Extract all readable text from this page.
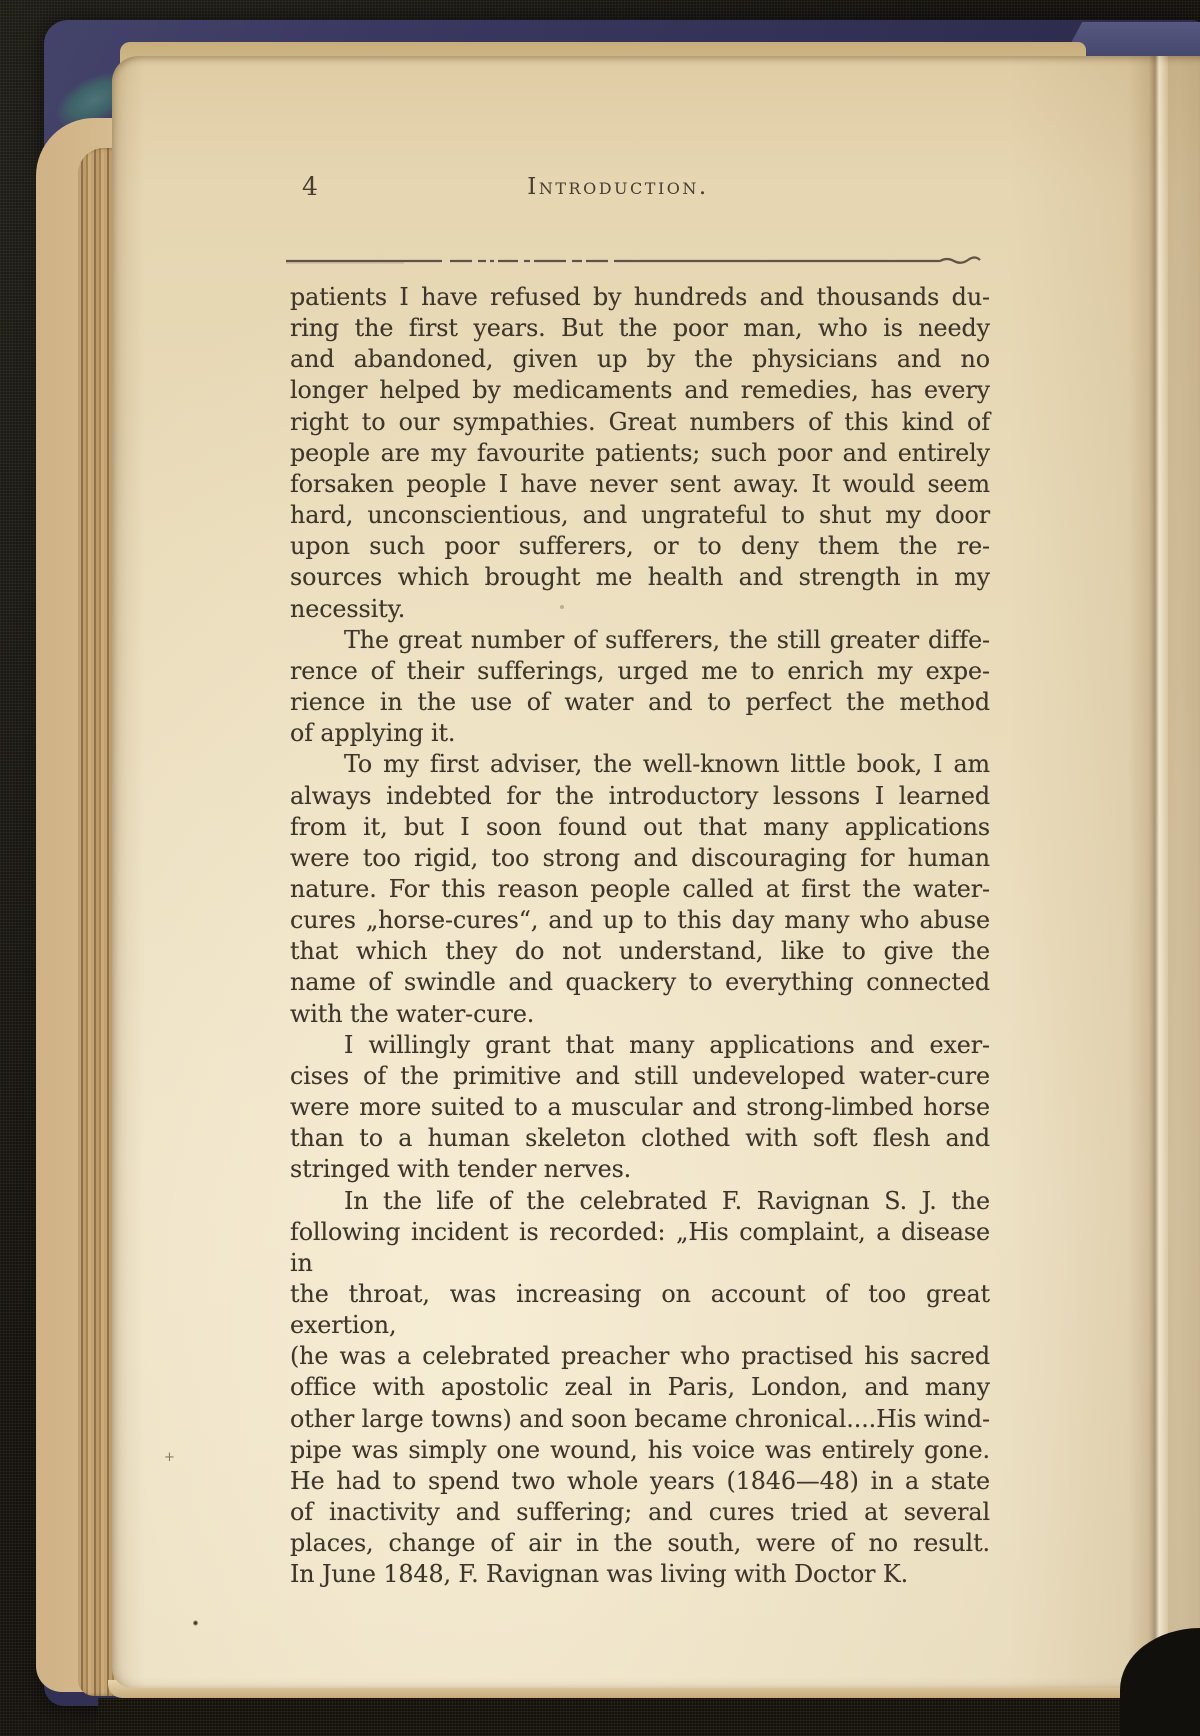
4	Introduction.
patients I have refused by hundreds and thousands du-
ring the first years. But the poor man, who is needy
and abandoned, given up by the physicians and no
longer helped by medicaments and remedies, has every
right to our sympathies. Great numbers of this kind of
people are my favourite patients; such poor and entirely
forsaken people I have never sent away. It would seem
hard, unconscientious, and ungrateful to shut my door
upon such poor sufferers, or to deny them the re-
sources which brought me health and strength in my
necessity.
The great number of sufferers, the still greater diffe-
rence of their sufferings, urged me to enrich my expe-
rience in the use of water and to perfect the method
of applying it.
To my first adviser, the well-known little book, I am
always indebted for the introductory lessons I learned
from it, but I soon found out that many applications
were too rigid, too strong and discouraging for human
nature. For this reason people called at first the water-
cures „horse-cures“, and up to this day many who abuse
that which they do not understand, like to give the
name of swindle and quackery to everything connected
with the water-cure.
I willingly grant that many applications and exer-
cises of the primitive and still undeveloped water-cure
were more suited to a muscular and strong-limbed horse
than to a human skeleton clothed with soft flesh and
stringed with tender nerves.
In the life of the celebrated F. Ravignan S. J. the
following incident is recorded: „His complaint, a disease in
the throat, was increasing on account of too great exertion,
(he was a celebrated preacher who practised his sacred
office with apostolic zeal in Paris, London, and many
other large towns) and soon became chronical....His wind-
pipe was simply one wound, his voice was entirely gone.
He had to spend two whole years (1846—48) in a state
of inactivity and suffering; and cures tried at several
places, change of air in the south, were of no result.
In June 1848, F. Ravignan was living with Doctor K.
+
